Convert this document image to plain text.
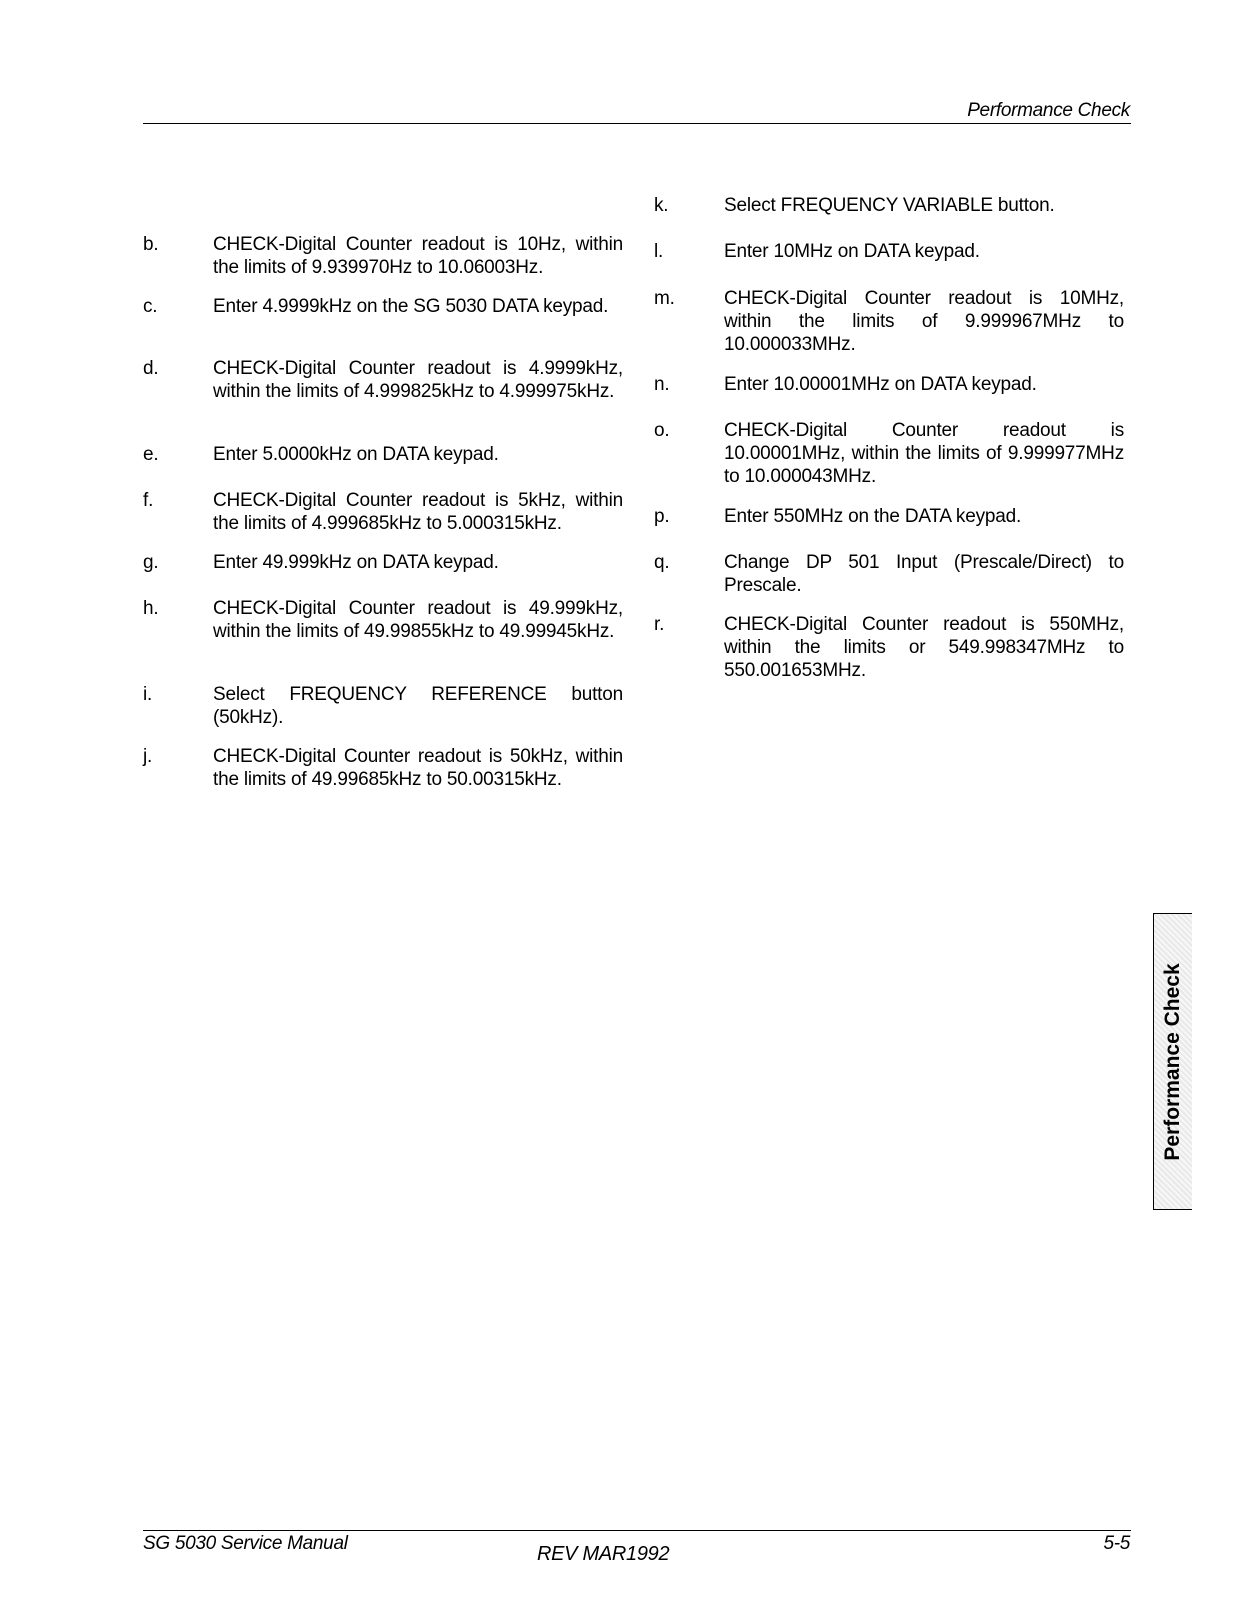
Performance Check
b.	CHECK-Digital Counter readout is 10Hz, within the limits of 9.939970Hz to 10.06003Hz.
c.	Enter 4.9999kHz on the SG 5030 DATA keypad.
d.	CHECK-Digital Counter readout is 4.9999kHz, within the limits of 4.999825kHz to 4.999975kHz.
e.	Enter 5.0000kHz on DATA keypad.
f.	CHECK-Digital Counter readout is 5kHz, within the limits of 4.999685kHz to 5.000315kHz.
g.	Enter 49.999kHz on DATA keypad.
h.	CHECK-Digital Counter readout is 49.999kHz, within the limits of 49.99855kHz to 49.99945kHz.
i.	Select FREQUENCY REFERENCE button (50kHz).
j.	CHECK-Digital Counter readout is 50kHz, within the limits of 49.99685kHz to 50.00315kHz.
k.	Select FREQUENCY VARIABLE button.
l.	Enter 10MHz on DATA keypad.
m.	CHECK-Digital Counter readout is 10MHz, within the limits of 9.999967MHz to 10.000033MHz.
n.	Enter 10.00001MHz on DATA keypad.
o.	CHECK-Digital Counter readout is 10.00001MHz, within the limits of 9.999977MHz to 10.000043MHz.
p.	Enter 550MHz on the DATA keypad.
q.	Change DP 501 Input (Prescale/Direct) to Prescale.
r.	CHECK-Digital Counter readout is 550MHz, within the limits or 549.998347MHz to 550.001653MHz.
Performance Check
SG 5030 Service Manual	REV MAR1992	5-5
